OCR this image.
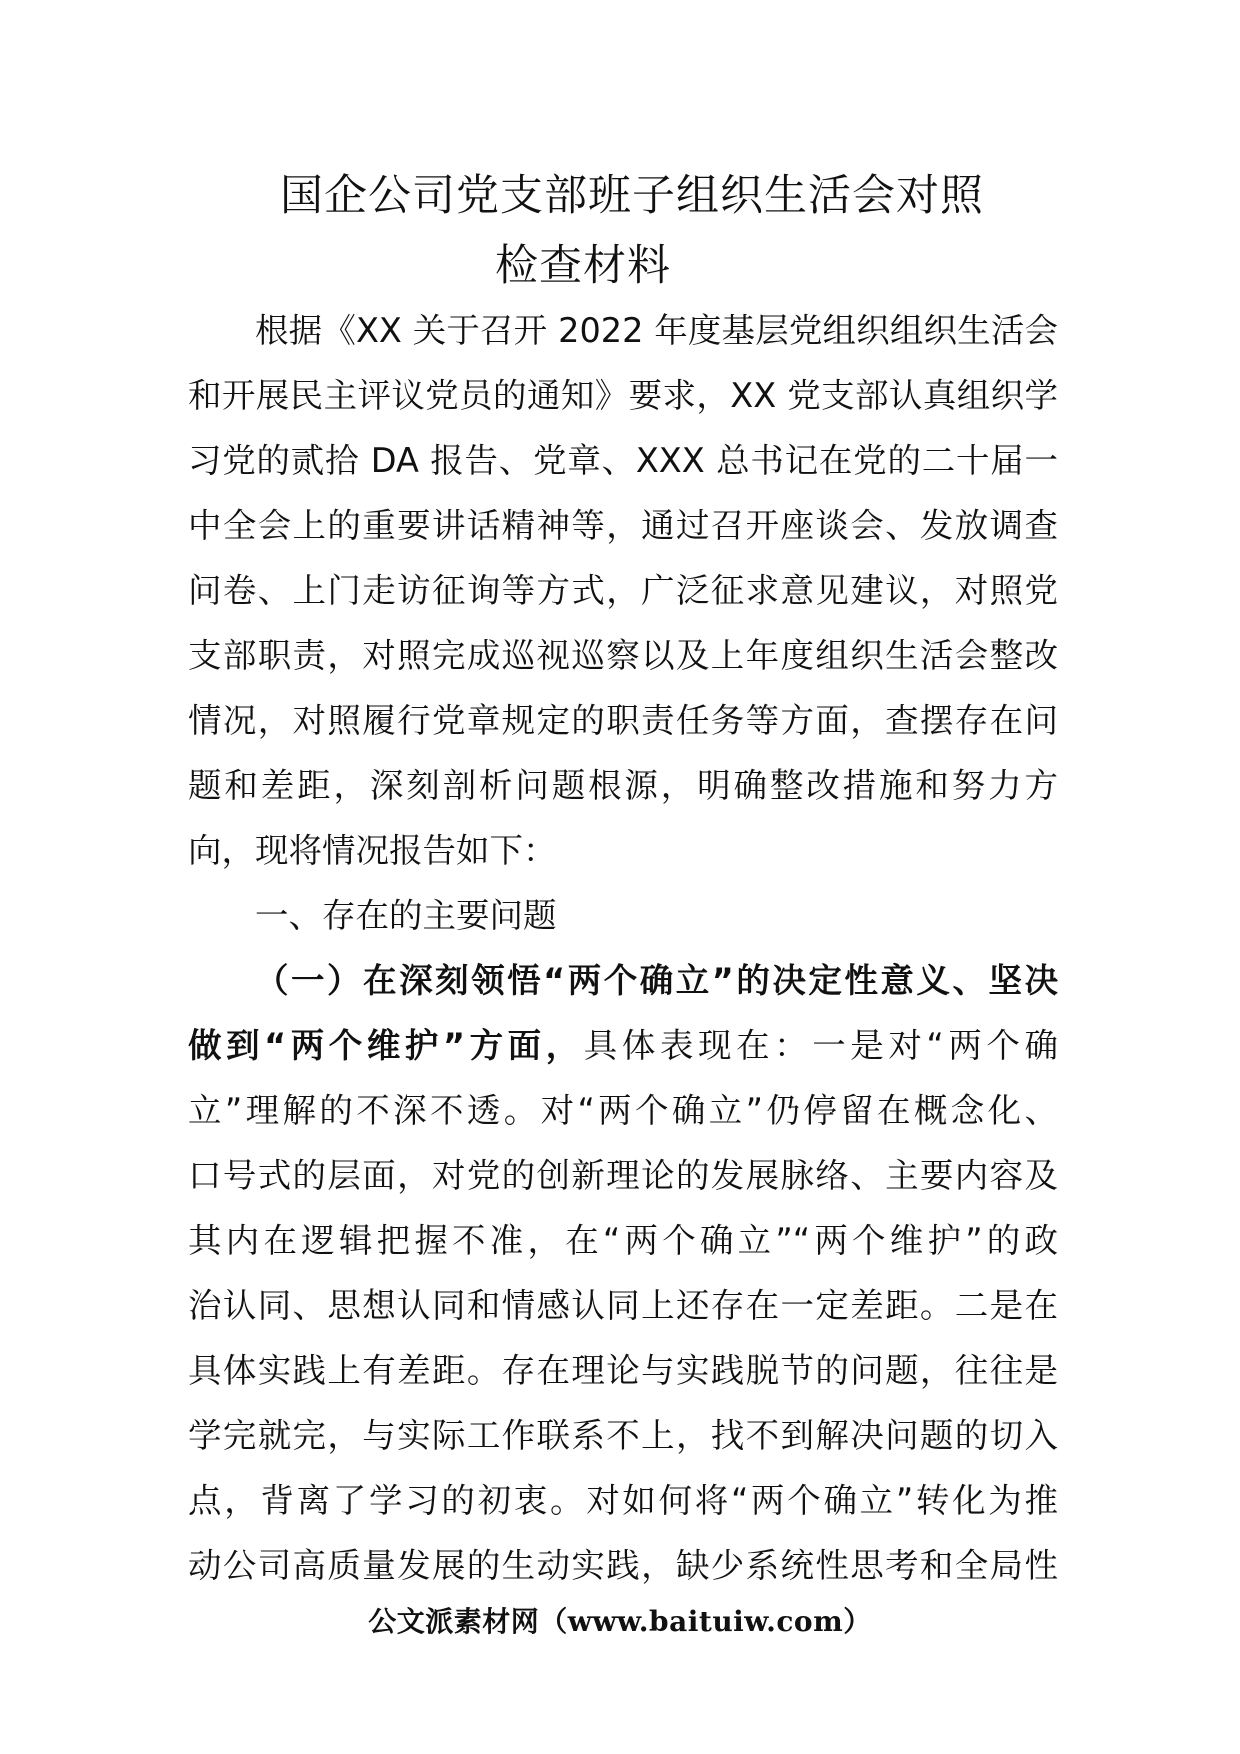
国企公司党支部班子组织生活会对照
检查材料
根据《XX 关于召开 2022 年度基层党组织组织生活会
和开展民主评议党员的通知》要求，XX 党支部认真组织学
习党的贰拾 DA 报告、党章、XXX 总书记在党的二十届一
中全会上的重要讲话精神等，通过召开座谈会、发放调查
问卷、上门走访征询等方式，广泛征求意见建议，对照党
支部职责，对照完成巡视巡察以及上年度组织生活会整改
情况，对照履行党章规定的职责任务等方面，查摆存在问
题和差距，深刻剖析问题根源，明确整改措施和努力方
向，现将情况报告如下：
一、存在的主要问题
（一）在深刻领悟“两个确立”的决定性意义、坚决
做到“两个维护”方面，具体表现在：一是对“两个确
立”理解的不深不透。对“两个确立”仍停留在概念化、
口号式的层面，对党的创新理论的发展脉络、主要内容及
其内在逻辑把握不准，在“两个确立”“两个维护”的政
治认同、思想认同和情感认同上还存在一定差距。二是在
具体实践上有差距。存在理论与实践脱节的问题，往往是
学完就完，与实际工作联系不上，找不到解决问题的切入
点，背离了学习的初衷。对如何将“两个确立”转化为推
动公司高质量发展的生动实践，缺少系统性思考和全局性
公文派素材网（www.baituiw.com）
